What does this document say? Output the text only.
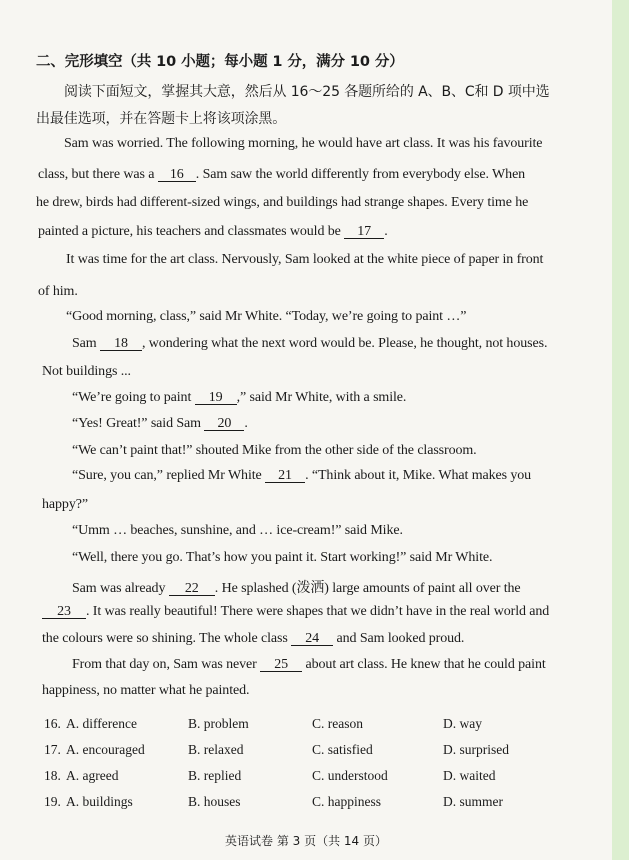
二、完形填空（共 10 小题；每小题 1 分，满分 10 分）
阅读下面短文，掌握其大意，然后从 16～25 各题所给的 A、B、C和 D 项中选
出最佳选项，并在答题卡上将该项涂黑。
Sam was worried. The following morning, he would have art class. It was his favourite
class, but there was a 16 . Sam saw the world differently from everybody else. When
he drew, birds had different-sized wings, and buildings had strange shapes. Every time he
painted a picture, his teachers and classmates would be 17 .
It was time for the art class. Nervously, Sam looked at the white piece of paper in front
of him.
“Good morning, class,” said Mr White. “Today, we’re going to paint …”
Sam 18 , wondering what the next word would be. Please, he thought, not houses.
Not buildings ...
“We’re going to paint 19 ,” said Mr White, with a smile.
“Yes! Great!” said Sam 20 .
“We can’t paint that!” shouted Mike from the other side of the classroom.
“Sure, you can,” replied Mr White 21 . “Think about it, Mike. What makes you
happy?”
“Umm … beaches, sunshine, and … ice-cream!” said Mike.
“Well, there you go. That’s how you paint it. Start working!” said Mr White.
Sam was already 22 . He splashed (泼洒) large amounts of paint all over the
23 . It was really beautiful! There were shapes that we didn’t have in the real world and
the colours were so shining. The whole class 24 and Sam looked proud.
From that day on, Sam was never 25 about art class. He knew that he could paint
happiness, no matter what he painted.
16. A. difference	B. problem	C. reason	D. way
17. A. encouraged	B. relaxed	C. satisfied	D. surprised
18. A. agreed	B. replied	C. understood	D. waited
19. A. buildings	B. houses	C. happiness	D. summer
英语试卷 第 3 页（共 14 页）
